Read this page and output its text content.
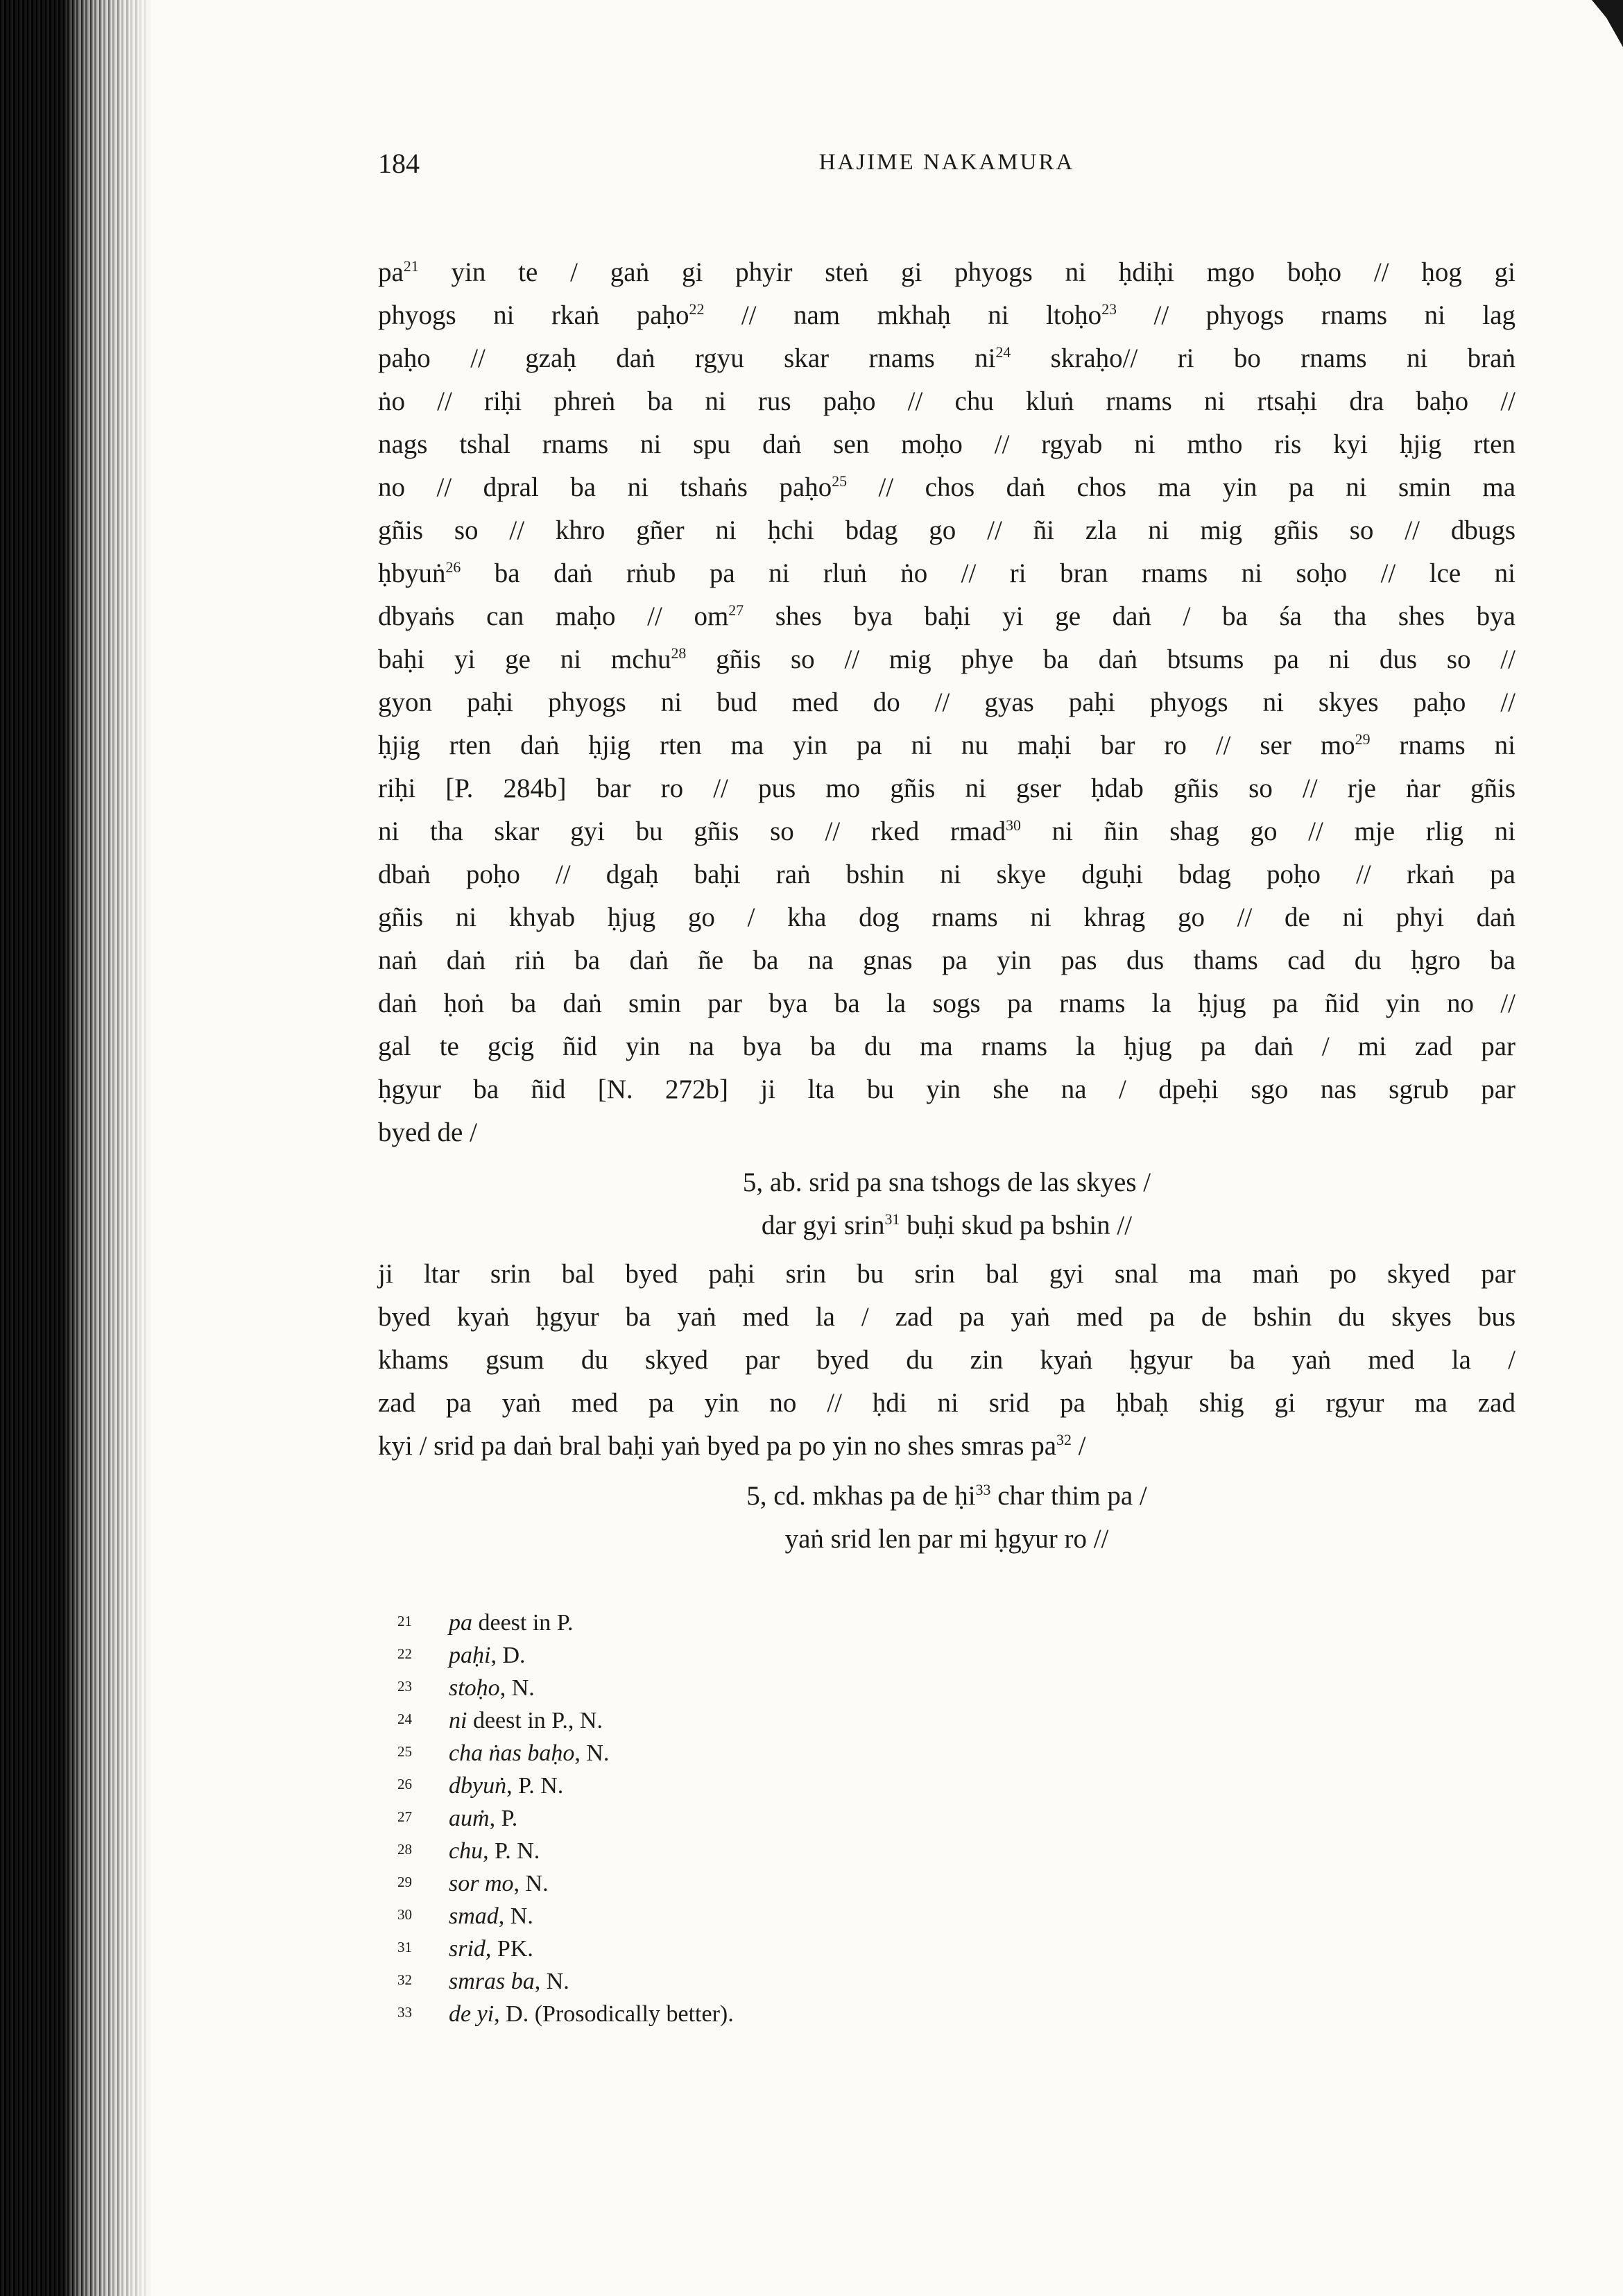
184	HAJIME NAKAMURA
pa$^{21}$ yin te / gaṅ gi phyir steṅ gi phyogs ni ḥdiḥi mgo boḥo // ḥog gi
phyogs ni rkaṅ paḥo$^{22}$ // nam mkhaḥ ni ltoḥo$^{23}$ // phyogs rnams ni lag
paḥo // gzaḥ daṅ rgyu skar rnams ni$^{24}$ skraḥo// ri bo rnams ni braṅ
ṅo // riḥi phreṅ ba ni rus paḥo // chu kluṅ rnams ni rtsaḥi dra baḥo //
nags tshal rnams ni spu daṅ sen moḥo // rgyab ni mtho ris kyi ḥjig rten
no // dpral ba ni tshaṅs paḥo$^{25}$ // chos daṅ chos ma yin pa ni smin ma
gñis so // khro gñer ni ḥchi bdag go // ñi zla ni mig gñis so // dbugs
ḥbyuṅ$^{26}$ ba daṅ rṅub pa ni rluṅ ṅo // ri bran rnams ni soḥo // lce ni
dbyaṅs can maḥo // om$^{27}$ shes bya baḥi yi ge daṅ / ba śa tha shes bya
baḥi yi ge ni mchu$^{28}$ gñis so // mig phye ba daṅ btsums pa ni dus so //
gyon paḥi phyogs ni bud med do // gyas paḥi phyogs ni skyes paḥo //
ḥjig rten daṅ ḥjig rten ma yin pa ni nu maḥi bar ro // ser mo$^{29}$ rnams ni
riḥi [P. 284b] bar ro // pus mo gñis ni gser ḥdab gñis so // rje ṅar gñis
ni tha skar gyi bu gñis so // rked rmad$^{30}$ ni ñin shag go // mje rlig ni
dbaṅ poḥo // dgaḥ baḥi raṅ bshin ni skye dguḥi bdag poḥo // rkaṅ pa
gñis ni khyab ḥjug go / kha dog rnams ni khrag go // de ni phyi daṅ
naṅ daṅ riṅ ba daṅ ñe ba na gnas pa yin pas dus thams cad du ḥgro ba
daṅ ḥoṅ ba daṅ smin par bya ba la sogs pa rnams la ḥjug pa ñid yin no //
gal te gcig ñid yin na bya ba du ma rnams la ḥjug pa daṅ / mi zad par
ḥgyur ba ñid [N. 272b] ji lta bu yin she na / dpeḥi sgo nas sgrub par
byed de /
5, ab. srid pa sna tshogs de las skyes /
dar gyi srin$^{31}$ buḥi skud pa bshin //
ji ltar srin bal byed paḥi srin bu srin bal gyi snal ma maṅ po skyed par
byed kyaṅ ḥgyur ba yaṅ med la / zad pa yaṅ med pa de bshin du skyes bus
khams gsum du skyed par byed du zin kyaṅ ḥgyur ba yaṅ med la /
zad pa yaṅ med pa yin no // ḥdi ni srid pa ḥbaḥ shig gi rgyur ma zad
kyi / srid pa daṅ bral baḥi yaṅ byed pa po yin no shes smras pa$^{32}$ /
5, cd. mkhas pa de ḥi$^{33}$ char thim pa /
yaṅ srid len par mi ḥgyur ro //
21 pa deest in P.
22 paḥi, D.
23 stoḥo, N.
24 ni deest in P., N.
25 cha ṅas baḥo, N.
26 dbyuṅ, P. N.
27 auṁ, P.
28 chu, P. N.
29 sor mo, N.
30 smad, N.
31 srid, PK.
32 smras ba, N.
33 de yi, D. (Prosodically better).
